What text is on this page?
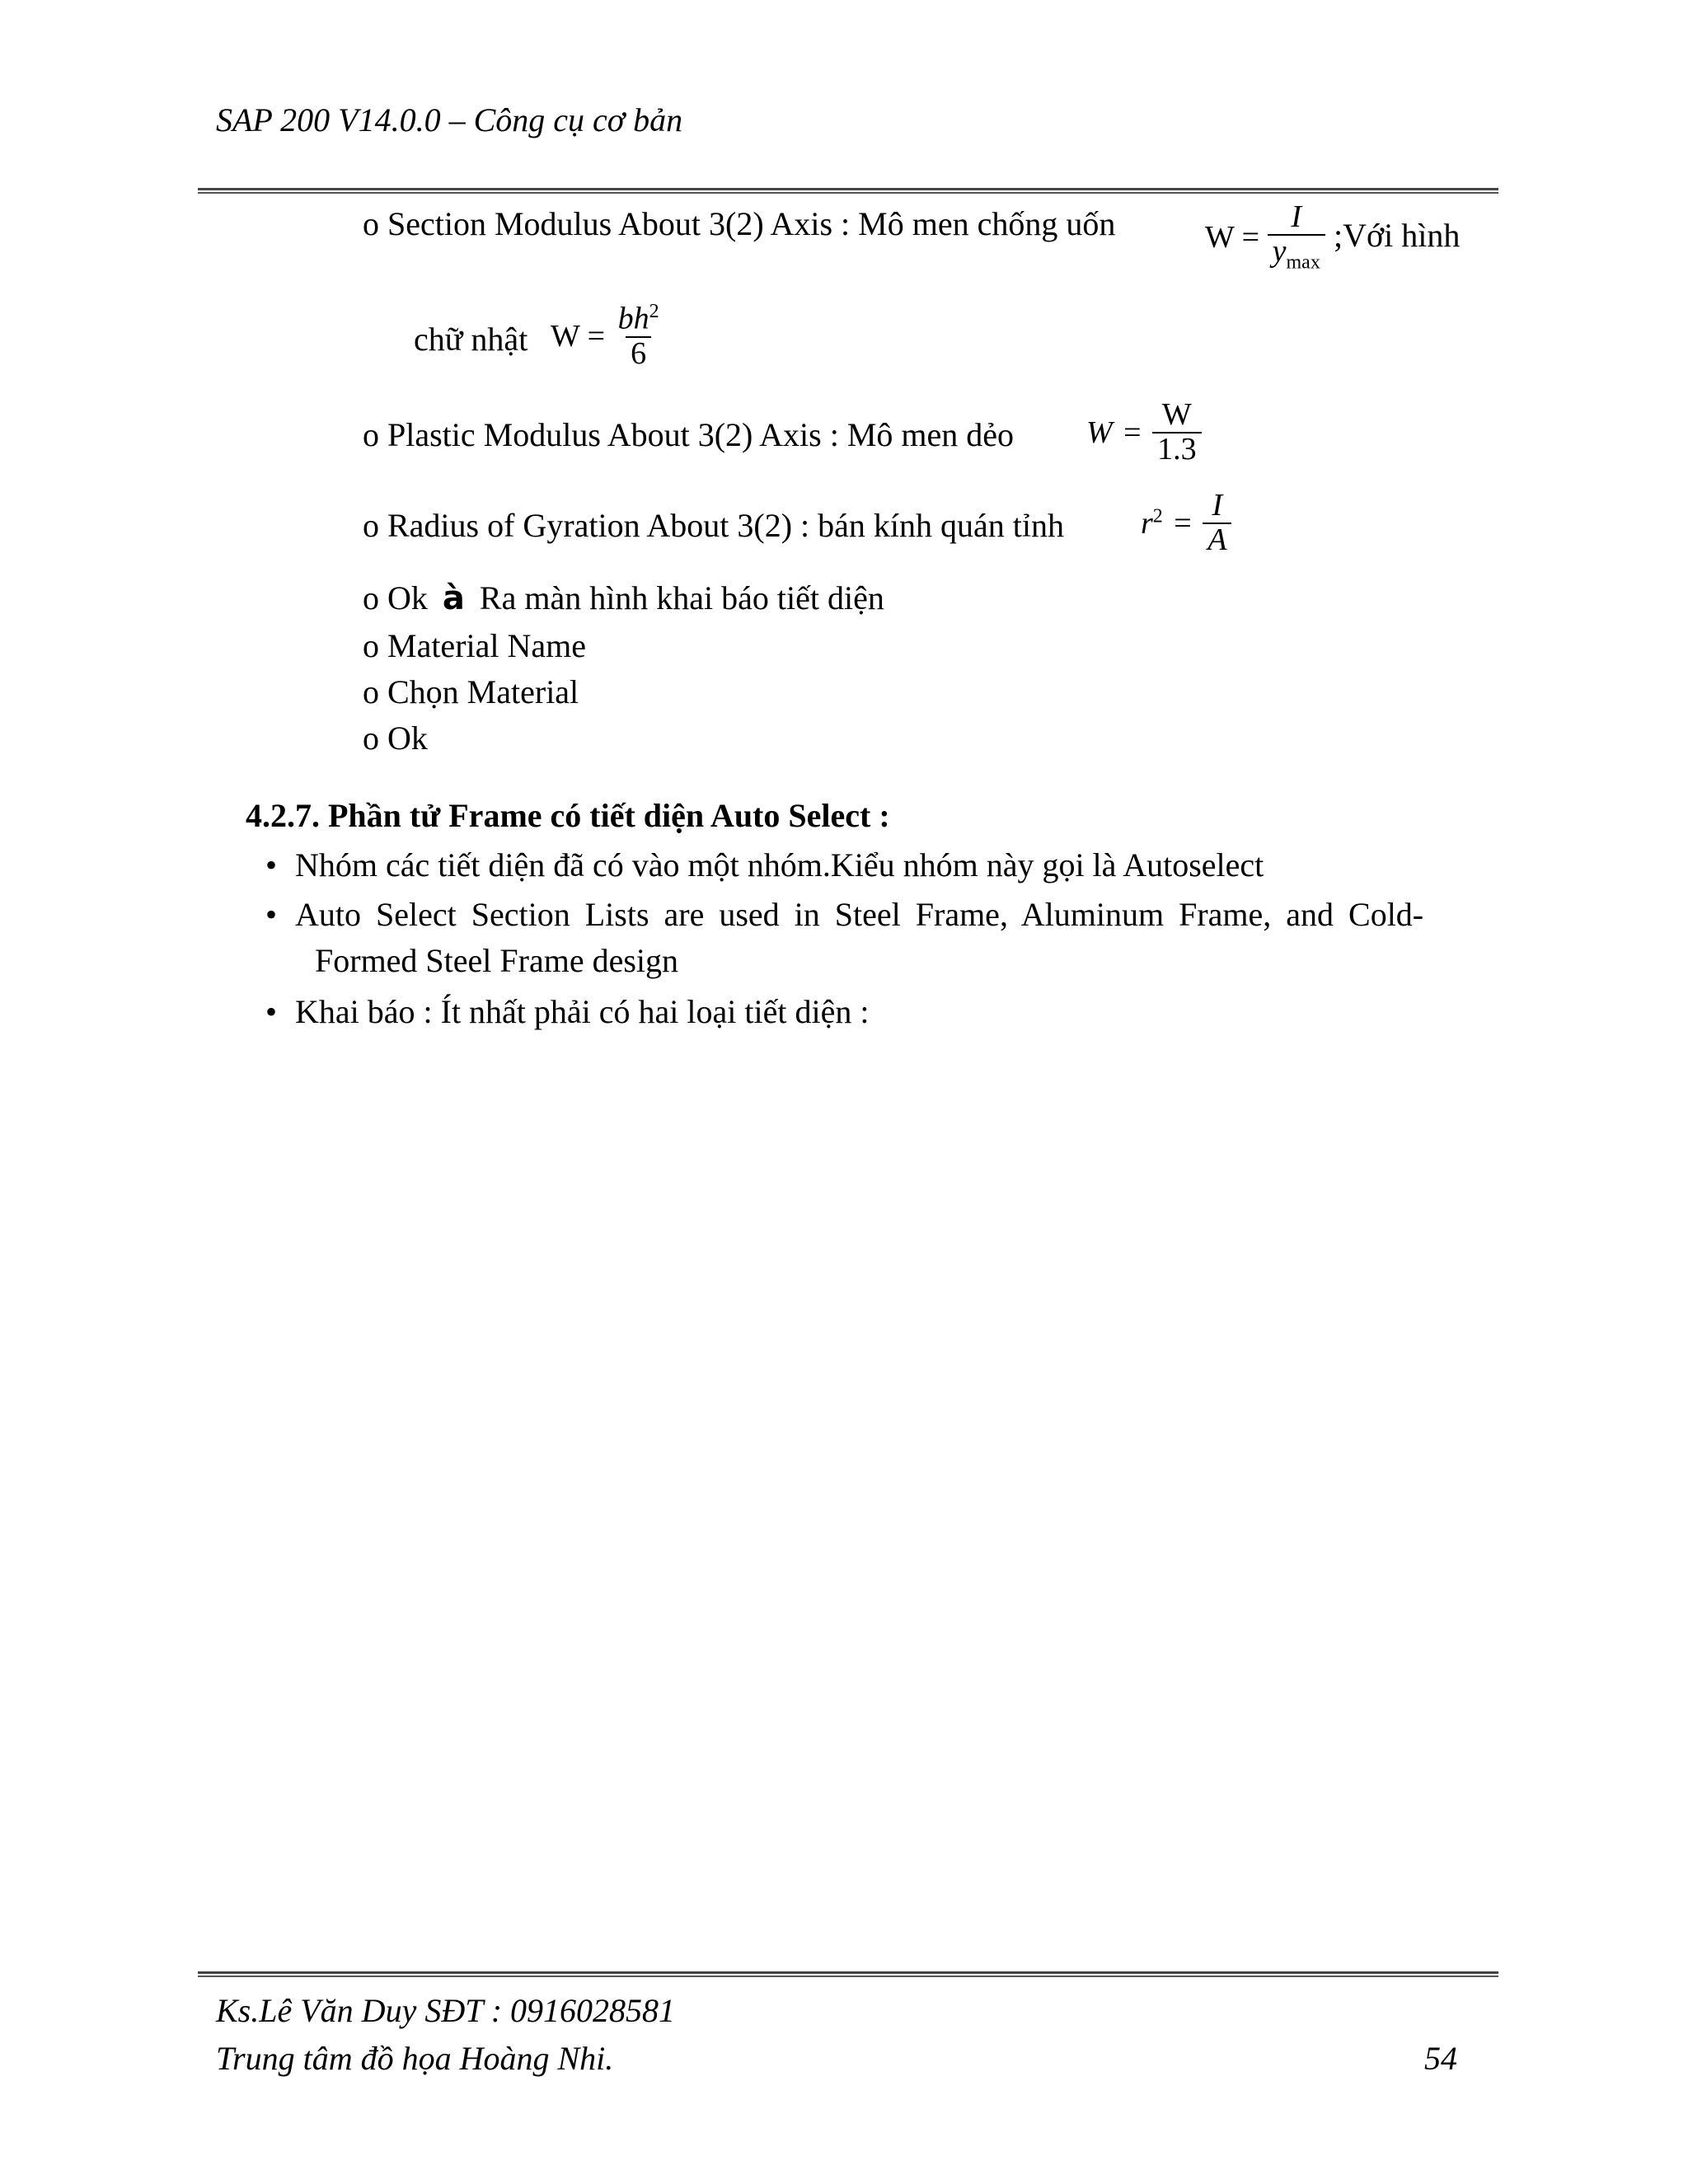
SAP 200 V14.0.0 – Công cụ cơ bản
o Section Modulus About 3(2) Axis : Mô men chống uốn	$W = \frac{I}{y_{max}}$ ;Với hình
chữ nhật $W = \frac{bh^2}{6}$
o Plastic Modulus About 3(2) Axis : Mô men dẻo $W = \frac{W}{1.3}$
o Radius of Gyration About 3(2) : bán kính quán tỉnh $r^2 = \frac{I}{A}$
o Ok à Ra màn hình khai báo tiết diện
o Material Name
o Chọn Material
o Ok
4.2.7. Phần tử Frame có tiết diện Auto Select :
• Nhóm các tiết diện đã có vào một nhóm.Kiểu nhóm này gọi là Autoselect
• Auto Select Section Lists are used in Steel Frame, Aluminum Frame, and Cold-
Formed Steel Frame design
• Khai báo : Ít nhất phải có hai loại tiết diện :
Ks.Lê Văn Duy SĐT : 0916028581
Trung tâm đồ họa Hoàng Nhi.	54
